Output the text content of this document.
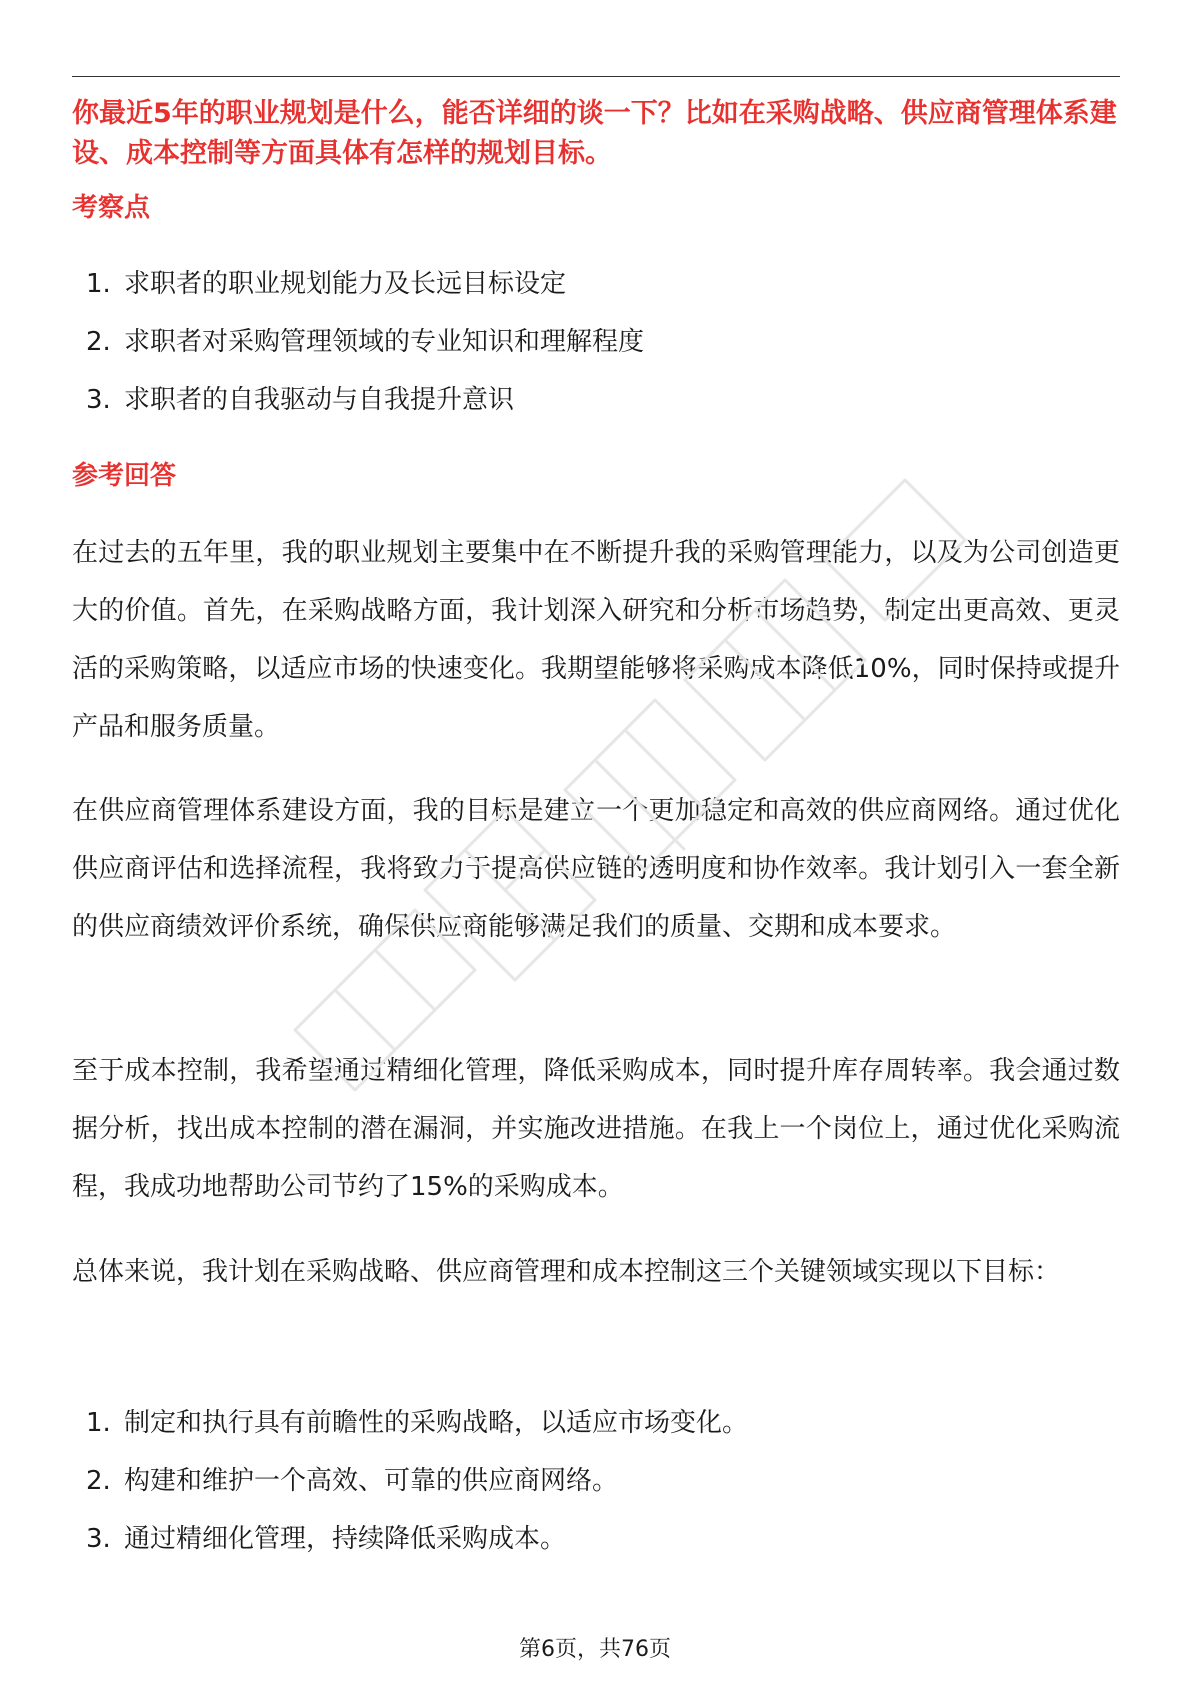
你最近5年的职业规划是什么，能否详细的谈一下？比如在采购战略、供应商管理体系建设、成本控制等方面具体有怎样的规划目标。

考察点
1. 求职者的职业规划能力及长远目标设定
2. 求职者对采购管理领域的专业知识和理解程度
3. 求职者的自我驱动与自我提升意识
参考回答

在过去的五年里，我的职业规划主要集中在不断提升我的采购管理能力，以及为公司创造更大的价值。首先，在采购战略方面，我计划深入研究和分析市场趋势，制定出更高效、更灵活的采购策略，以适应市场的快速变化。我期望能够将采购成本降低10%，同时保持或提升产品和服务质量。

在供应商管理体系建设方面，我的目标是建立一个更加稳定和高效的供应商网络。通过优化供应商评估和选择流程，我将致力于提高供应链的透明度和协作效率。我计划引入一套全新的供应商绩效评价系统，确保供应商能够满足我们的质量、交期和成本要求。

至于成本控制，我希望通过精细化管理，降低采购成本，同时提升库存周转率。我会通过数据分析，找出成本控制的潜在漏洞，并实施改进措施。在我上一个岗位上，通过优化采购流程，我成功地帮助公司节约了15%的采购成本。

总体来说，我计划在采购战略、供应商管理和成本控制这三个关键领域实现以下目标：

1. 制定和执行具有前瞻性的采购战略，以适应市场变化。
2. 构建和维护一个高效、可靠的供应商网络。
3. 通过精细化管理，持续降低采购成本。
第6页，共76页
